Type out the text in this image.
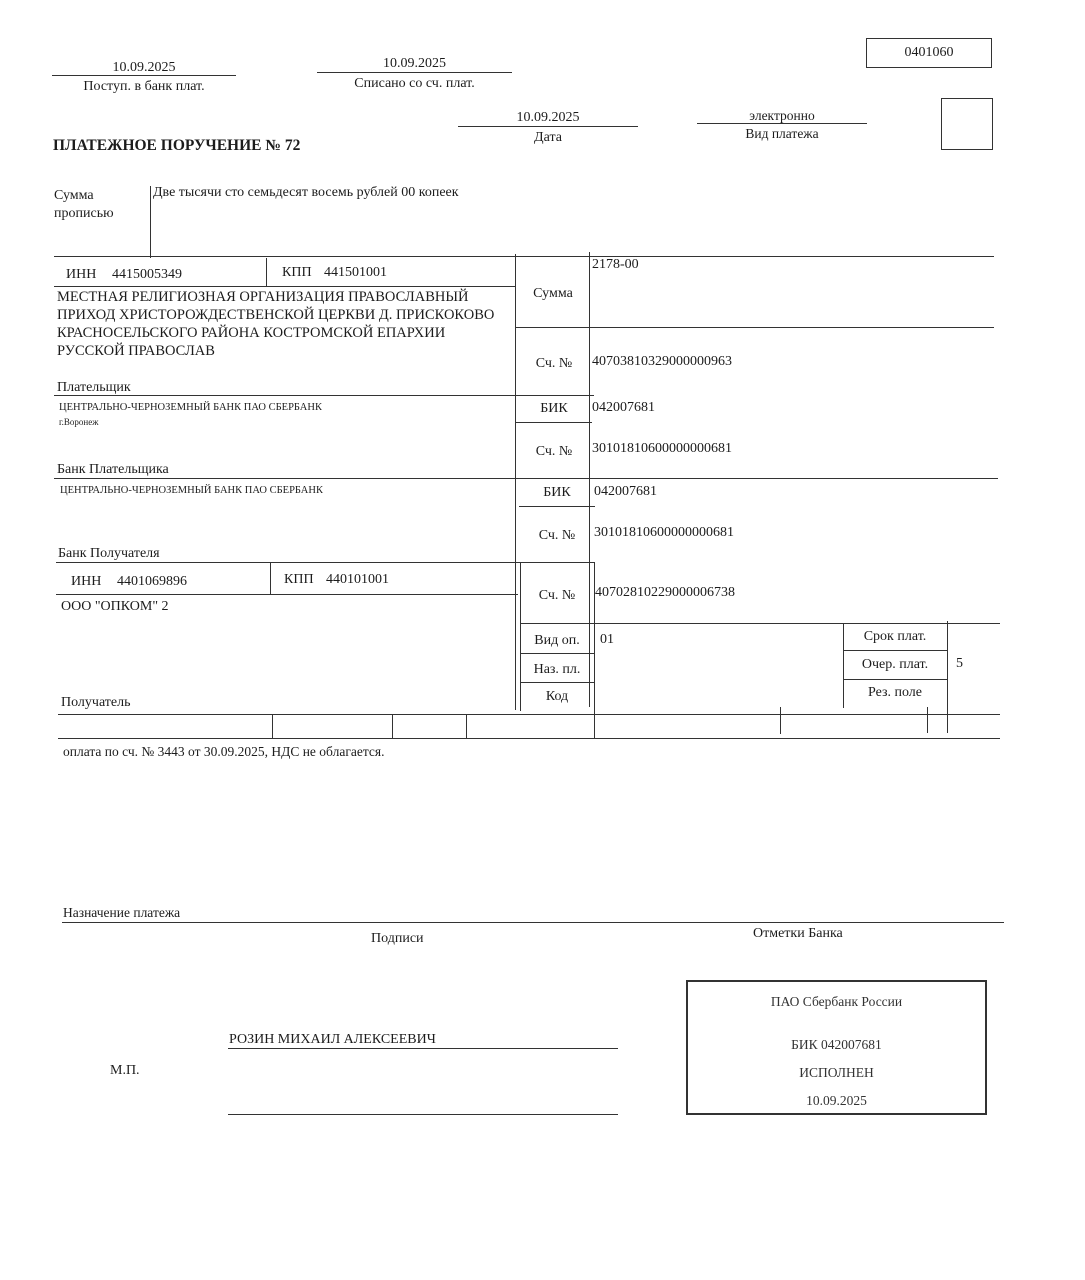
0401060
10.09.2025
Поступ. в банк плат.
10.09.2025
Списано со сч. плат.
10.09.2025
Дата
электронно
Вид платежа
ПЛАТЕЖНОЕ ПОРУЧЕНИЕ № 72
Сумма
прописью
Две тысячи сто семьдесят восемь рублей 00 копеек
ИНН 4415005349	КПП 441501001
МЕСТНАЯ РЕЛИГИОЗНАЯ ОРГАНИЗАЦИЯ ПРАВОСЛАВНЫЙ
ПРИХОД ХРИСТОРОЖДЕСТВЕНСКОЙ ЦЕРКВИ Д. ПРИСКОКОВО
КРАСНОСЕЛЬСКОГО РАЙОНА КОСТРОМСКОЙ ЕПАРХИИ
РУССКОЙ ПРАВОСЛАВ
Плательщик
Сумма
2178-00
Сч. №	40703810329000000963
ЦЕНТРАЛЬНО-ЧЕРНОЗЕМНЫЙ БАНК ПАО СБЕРБАНК
г.Воронеж
Банк Плательщика
БИК	042007681
Сч. №	30101810600000000681
ЦЕНТРАЛЬНО-ЧЕРНОЗЕМНЫЙ БАНК ПАО СБЕРБАНК
Банк Получателя
БИК	042007681
Сч. №	30101810600000000681
ИНН 4401069896	КПП 440101001
ООО "ОПКОМ" 2
Получатель
Сч. №	40702810229000006738
Вид оп.	01
Наз. пл.
Код
Срок плат.
Очер. плат.	5
Рез. поле
оплата по сч. № 3443 от 30.09.2025, НДС не облагается.
Назначение платежа
Подписи	Отметки Банка
РОЗИН МИХАИЛ АЛЕКСЕЕВИЧ
М.П.
ПАО Сбербанк России
БИК 042007681
ИСПОЛНЕН
10.09.2025
